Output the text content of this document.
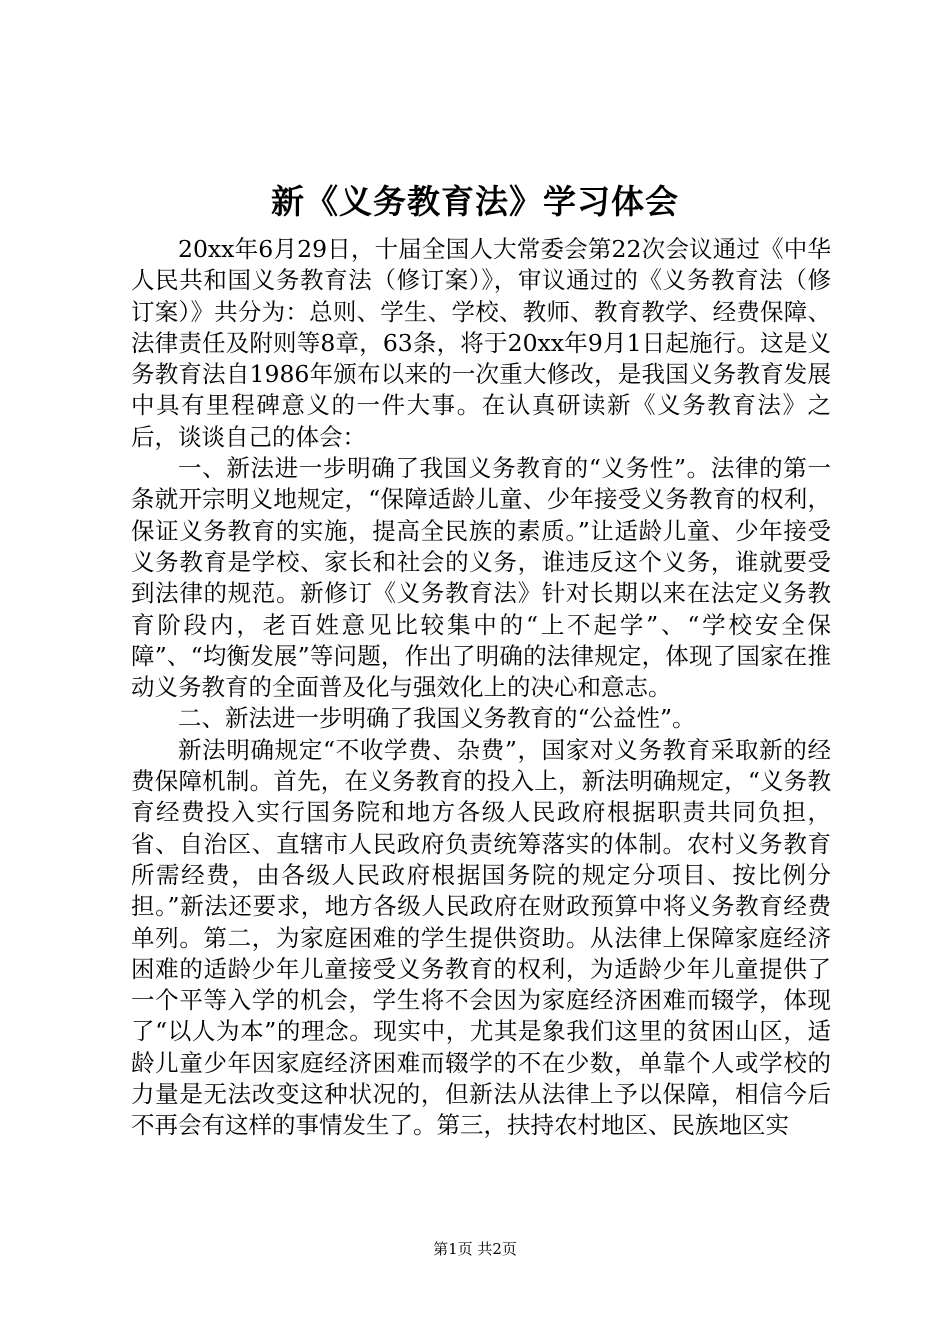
新《义务教育法》学习体会

20xx年6月29日，十届全国人大常委会第22次会议通过《中华人民共和国义务教育法（修订案）》，审议通过的《义务教育法（修订案）》共分为：总则、学生、学校、教师、教育教学、经费保障、法律责任及附则等8章，63条，将于20xx年9月1日起施行。这是义务教育法自1986年颁布以来的一次重大修改，是我国义务教育发展中具有里程碑意义的一件大事。在认真研读新《义务教育法》之后，谈谈自己的体会：

一、新法进一步明确了我国义务教育的“义务性”。法律的第一条就开宗明义地规定，“保障适龄儿童、少年接受义务教育的权利，保证义务教育的实施，提高全民族的素质。”让适龄儿童、少年接受义务教育是学校、家长和社会的义务，谁违反这个义务，谁就要受到法律的规范。新修订《义务教育法》针对长期以来在法定义务教育阶段内，老百姓意见比较集中的“上不起学”、“学校安全保障”、“均衡发展”等问题，作出了明确的法律规定，体现了国家在推动义务教育的全面普及化与强效化上的决心和意志。

二、新法进一步明确了我国义务教育的“公益性”。

新法明确规定“不收学费、杂费”，国家对义务教育采取新的经费保障机制。首先，在义务教育的投入上，新法明确规定，“义务教育经费投入实行国务院和地方各级人民政府根据职责共同负担，省、自治区、直辖市人民政府负责统筹落实的体制。农村义务教育所需经费，由各级人民政府根据国务院的规定分项目、按比例分担。”新法还要求，地方各级人民政府在财政预算中将义务教育经费单列。第二，为家庭困难的学生提供资助。从法律上保障家庭经济困难的适龄少年儿童接受义务教育的权利，为适龄少年儿童提供了一个平等入学的机会，学生将不会因为家庭经济困难而辍学，体现了“以人为本”的理念。现实中，尤其是象我们这里的贫困山区，适龄儿童少年因家庭经济困难而辍学的不在少数，单靠个人或学校的力量是无法改变这种状况的，但新法从法律上予以保障，相信今后不再会有这样的事情发生了。第三，扶持农村地区、民族地区实

第1页 共2页
